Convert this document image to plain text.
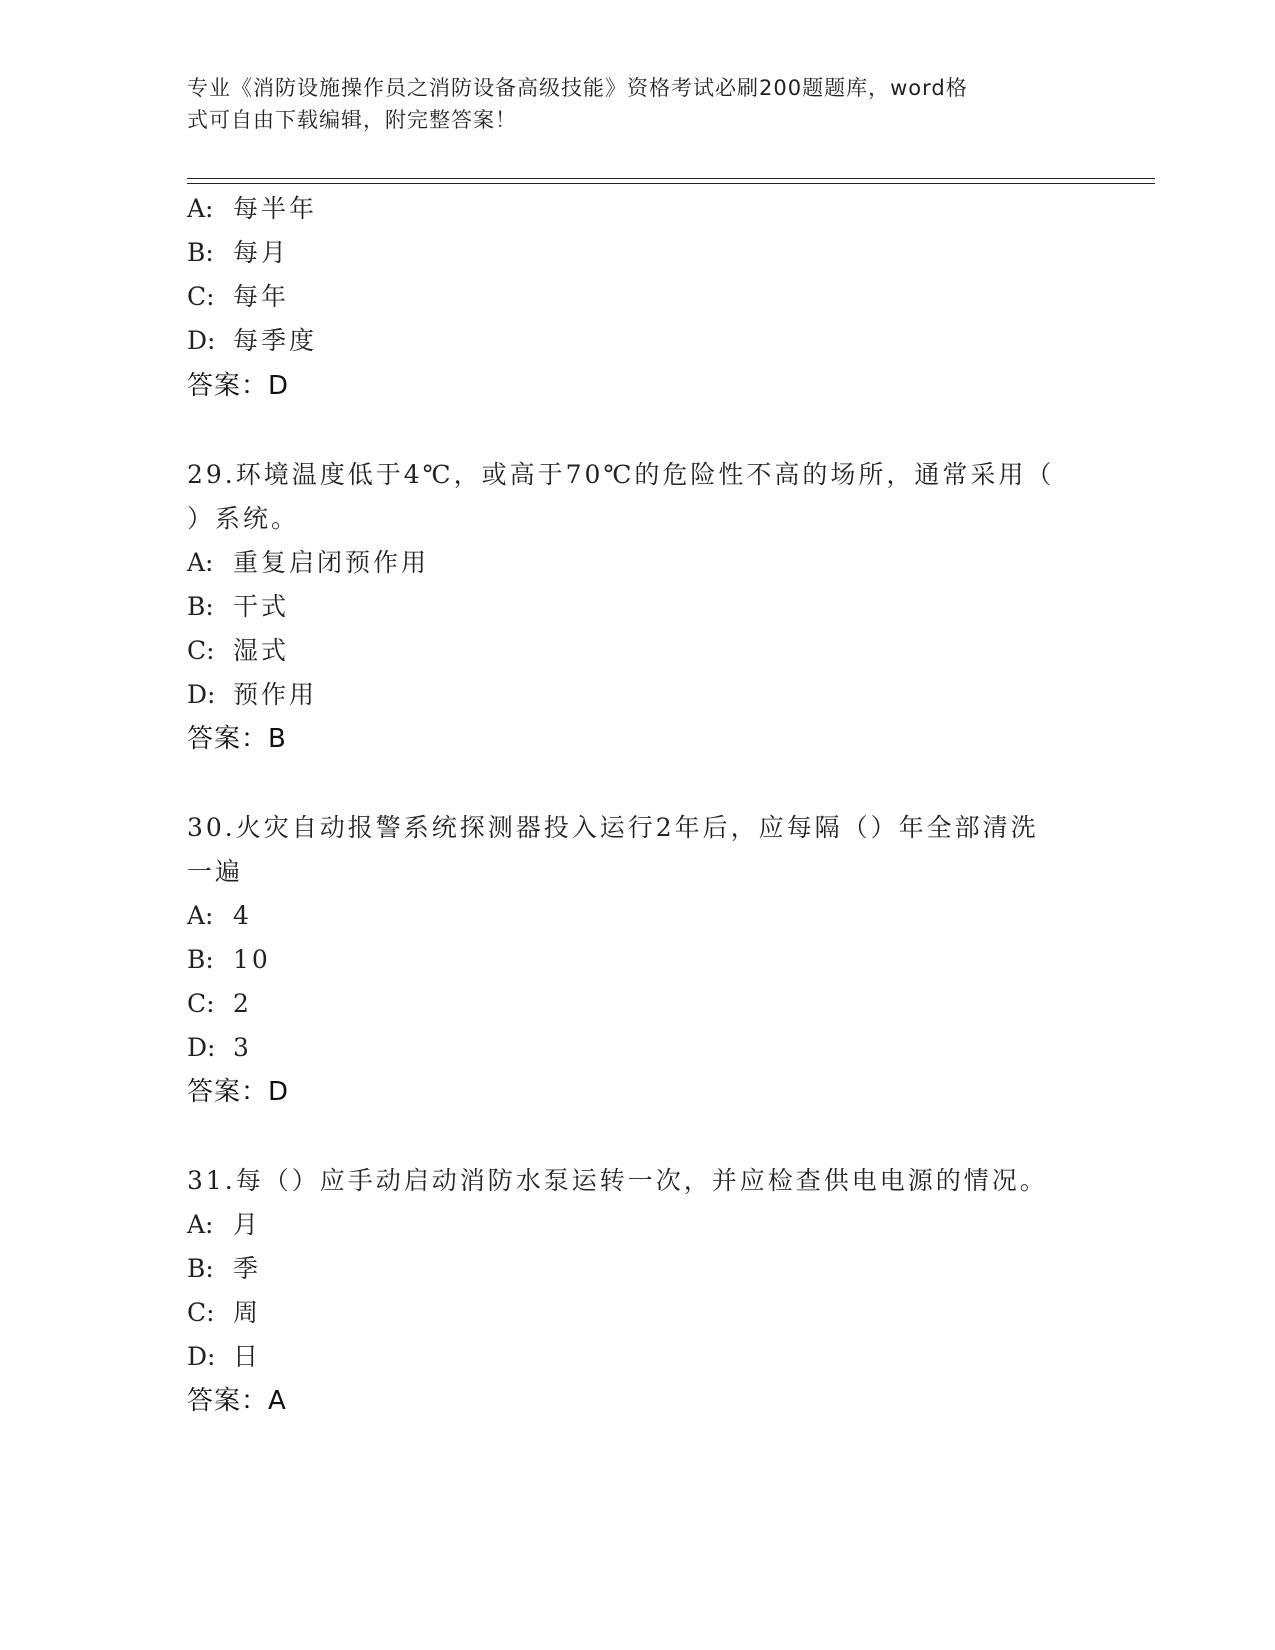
专业《消防设施操作员之消防设备高级技能》资格考试必刷200题题库，word格
式可自由下载编辑，附完整答案！
A: 每半年
B: 每月
C: 每年
D: 每季度
答案：D
29.环境温度低于4℃，或高于70℃的危险性不高的场所，通常采用（
）系统。
A: 重复启闭预作用
B: 干式
C: 湿式
D: 预作用
答案：B
30.火灾自动报警系统探测器投入运行2年后，应每隔（）年全部清洗
一遍
A: 4
B: 10
C: 2
D: 3
答案：D
31.每（）应手动启动消防水泵运转一次，并应检查供电电源的情况。
A: 月
B: 季
C: 周
D: 日
答案：A
